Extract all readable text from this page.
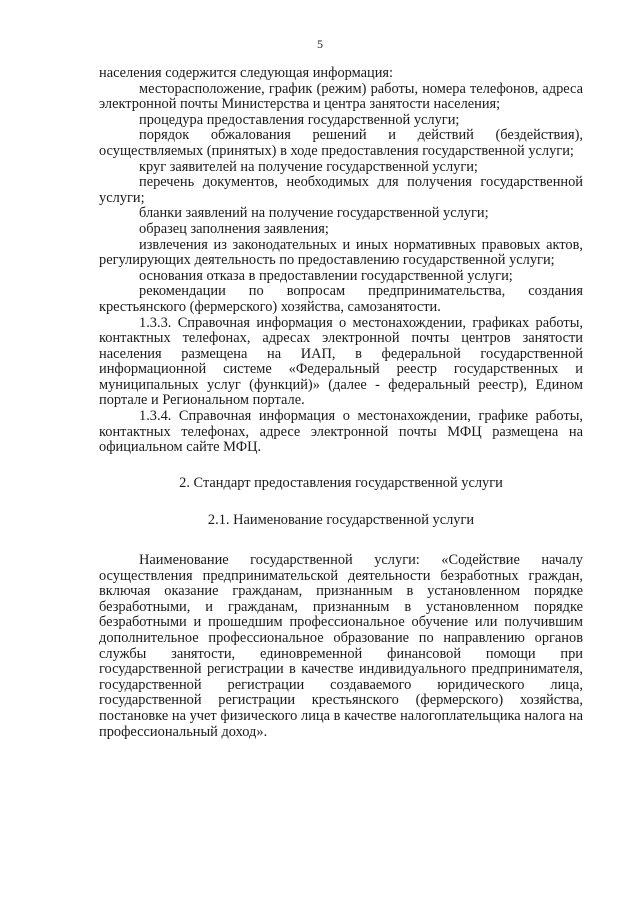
5

населения содержится следующая информация:

месторасположение, график (режим) работы, номера телефонов, адреса электронной почты Министерства и центра занятости населения;

процедура предоставления государственной услуги;

порядок обжалования решений и действий (бездействия), осуществляемых (принятых) в ходе предоставления государственной услуги;

круг заявителей на получение государственной услуги;

перечень документов, необходимых для получения государственной услуги;

бланки заявлений на получение государственной услуги;

образец заполнения заявления;

извлечения из законодательных и иных нормативных правовых актов, регулирующих деятельность по предоставлению государственной услуги;

основания отказа в предоставлении государственной услуги;

рекомендации по вопросам предпринимательства, создания крестьянского (фермерского) хозяйства, самозанятости.

1.3.3. Справочная информация о местонахождении, графиках работы, контактных телефонах, адресах электронной почты центров занятости населения размещена на ИАП, в федеральной государственной информационной системе «Федеральный реестр государственных и муниципальных услуг (функций)» (далее - федеральный реестр), Едином портале и Региональном портале.

1.3.4. Справочная информация о местонахождении, графике работы, контактных телефонах, адресе электронной почты МФЦ размещена на официальном сайте МФЦ.

2. Стандарт предоставления государственной услуги

2.1. Наименование государственной услуги

Наименование государственной услуги: «Содействие началу осуществления предпринимательской деятельности безработных граждан, включая оказание гражданам, признанным в установленном порядке безработными, и гражданам, признанным в установленном порядке безработными и прошедшим профессиональное обучение или получившим дополнительное профессиональное образование по направлению органов службы занятости, единовременной финансовой помощи при государственной регистрации в качестве индивидуального предпринимателя, государственной регистрации создаваемого юридического лица, государственной регистрации крестьянского (фермерского) хозяйства, постановке на учет физического лица в качестве налогоплательщика налога на профессиональный доход».
